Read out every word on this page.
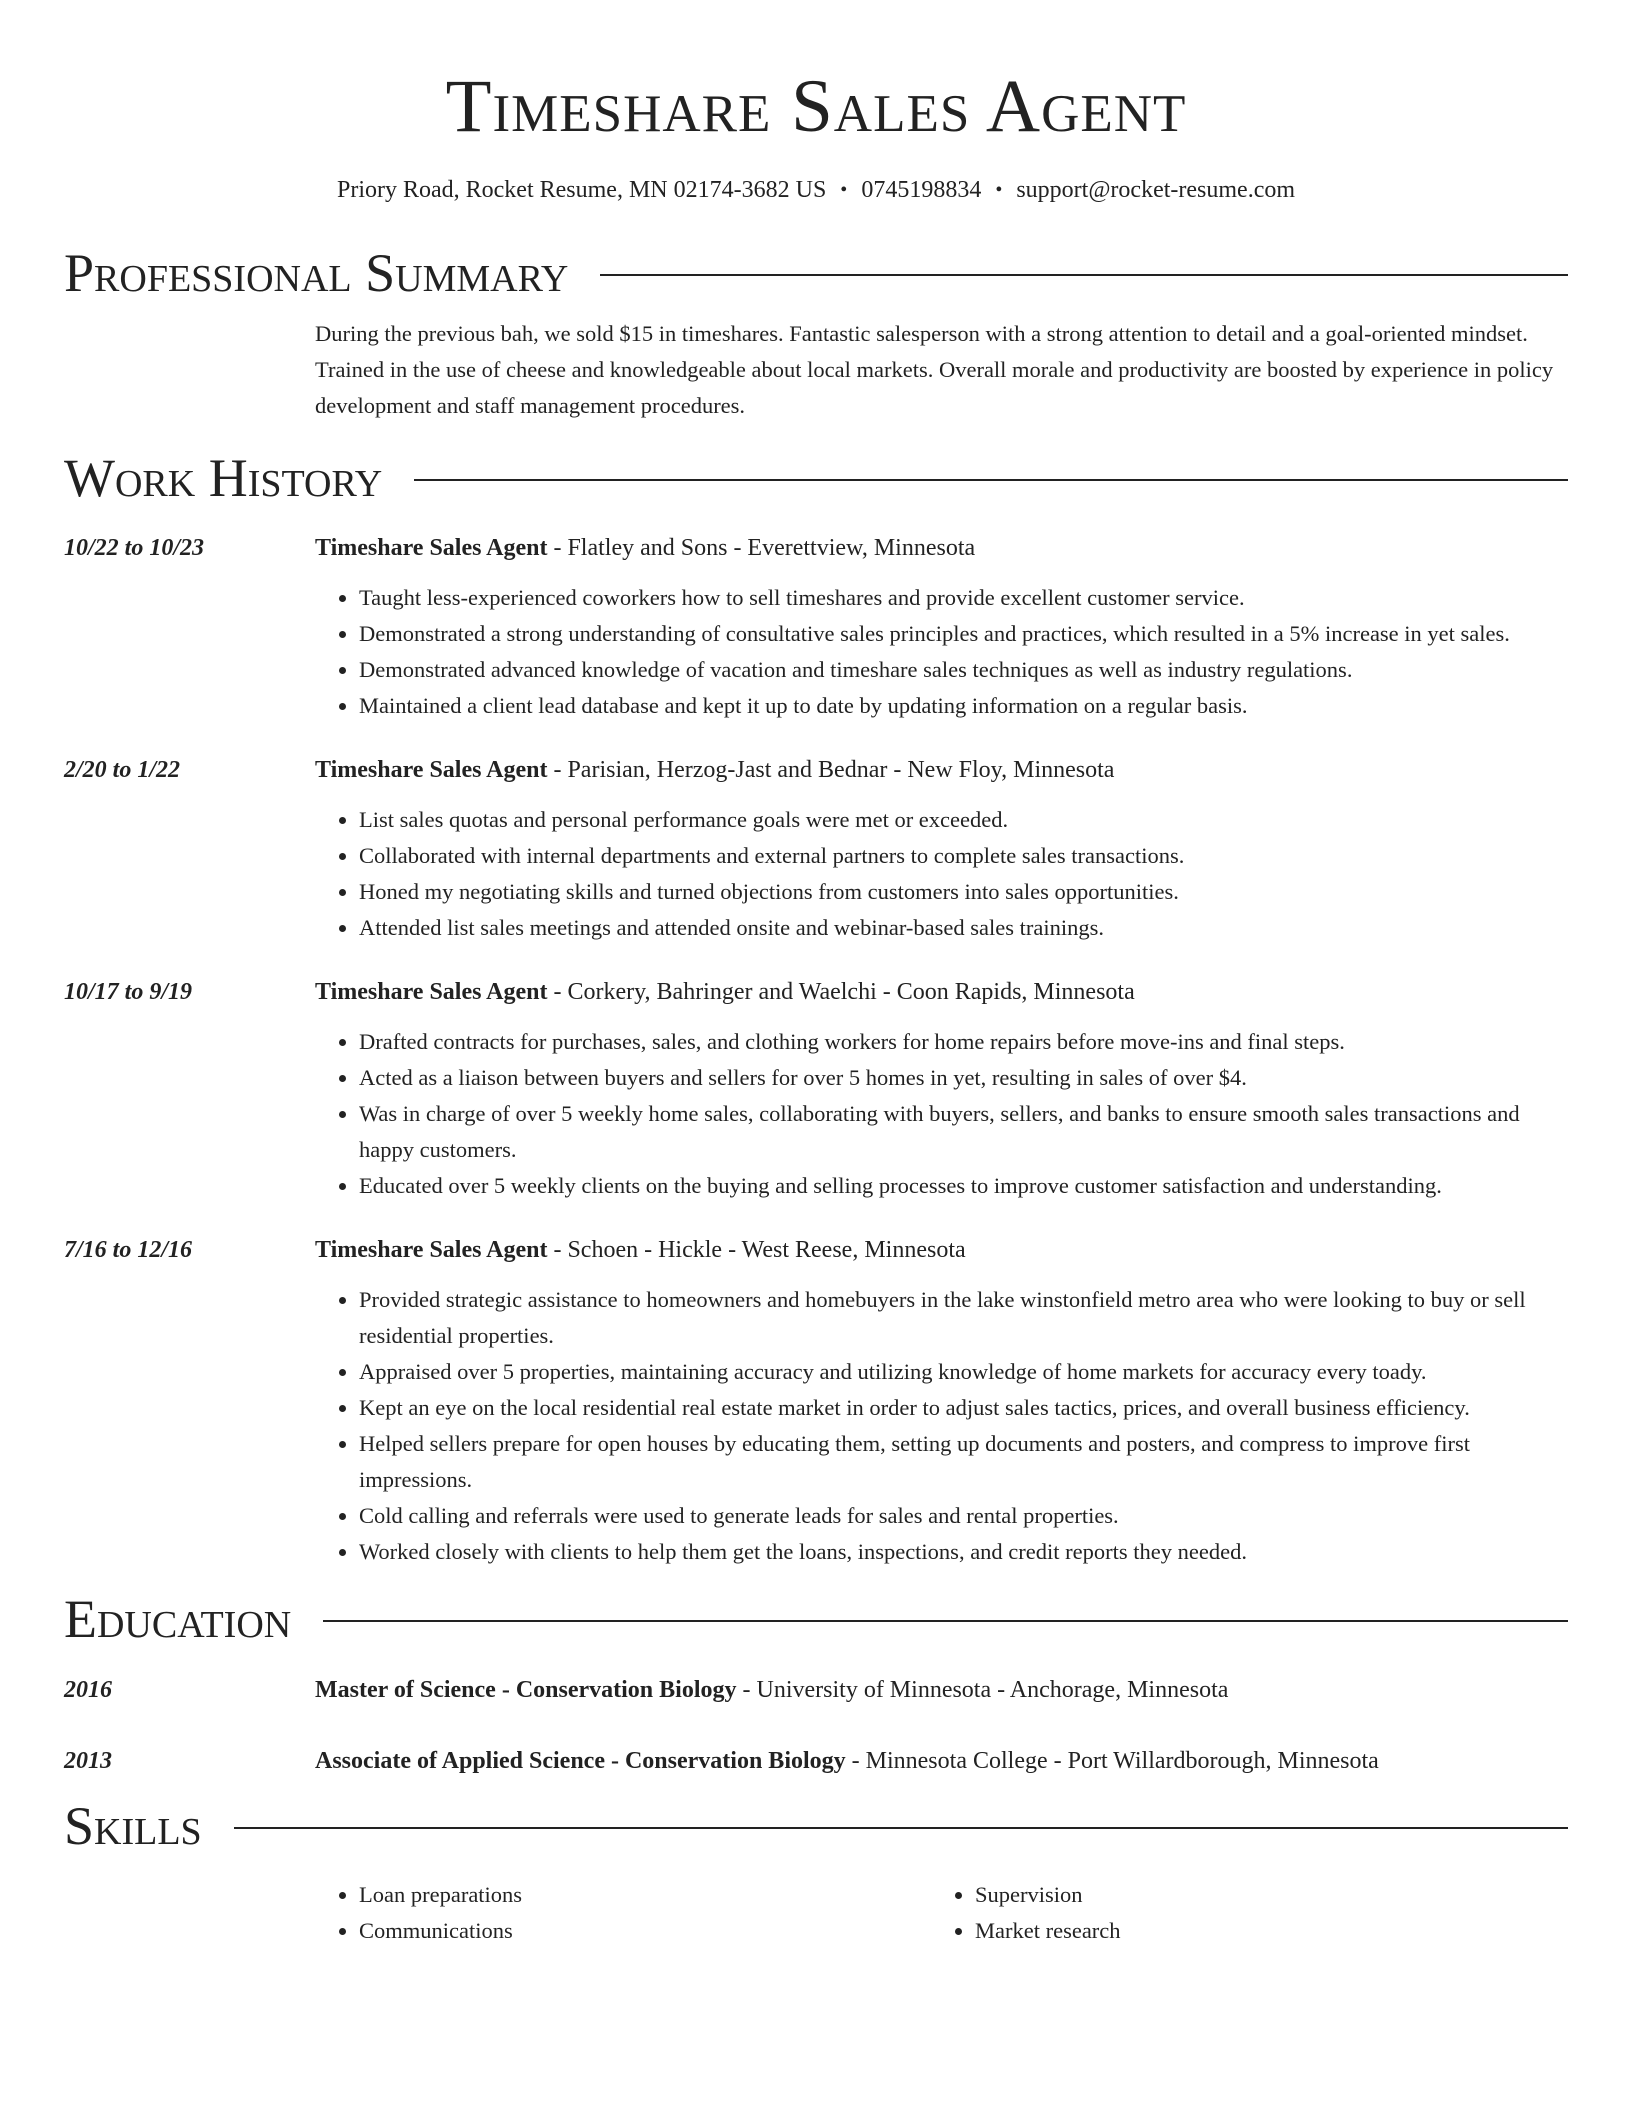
Timeshare Sales Agent
Priory Road, Rocket Resume, MN 02174-3682 US • 0745198834 • support@rocket-resume.com
Professional Summary

During the previous bah, we sold $15 in timeshares. Fantastic salesperson with a strong attention to detail and a goal-oriented mindset. Trained in the use of cheese and knowledgeable about local markets. Overall morale and productivity are boosted by experience in policy development and staff management procedures.

Work History
10/22 to 10/23	Timeshare Sales Agent - Flatley and Sons - Everettview, Minnesota
• Taught less-experienced coworkers how to sell timeshares and provide excellent customer service.
• Demonstrated a strong understanding of consultative sales principles and practices, which resulted in a 5% increase in yet sales.
• Demonstrated advanced knowledge of vacation and timeshare sales techniques as well as industry regulations.
• Maintained a client lead database and kept it up to date by updating information on a regular basis.
2/20 to 1/22	Timeshare Sales Agent - Parisian, Herzog-Jast and Bednar - New Floy, Minnesota
• List sales quotas and personal performance goals were met or exceeded.
• Collaborated with internal departments and external partners to complete sales transactions.
• Honed my negotiating skills and turned objections from customers into sales opportunities.
• Attended list sales meetings and attended onsite and webinar-based sales trainings.
10/17 to 9/19	Timeshare Sales Agent - Corkery, Bahringer and Waelchi - Coon Rapids, Minnesota
• Drafted contracts for purchases, sales, and clothing workers for home repairs before move-ins and final steps.
• Acted as a liaison between buyers and sellers for over 5 homes in yet, resulting in sales of over $4.
• Was in charge of over 5 weekly home sales, collaborating with buyers, sellers, and banks to ensure smooth sales transactions and happy customers.
• Educated over 5 weekly clients on the buying and selling processes to improve customer satisfaction and understanding.
7/16 to 12/16	Timeshare Sales Agent - Schoen - Hickle - West Reese, Minnesota
• Provided strategic assistance to homeowners and homebuyers in the lake winstonfield metro area who were looking to buy or sell residential properties.
• Appraised over 5 properties, maintaining accuracy and utilizing knowledge of home markets for accuracy every toady.
• Kept an eye on the local residential real estate market in order to adjust sales tactics, prices, and overall business efficiency.
• Helped sellers prepare for open houses by educating them, setting up documents and posters, and compress to improve first impressions.
• Cold calling and referrals were used to generate leads for sales and rental properties.
• Worked closely with clients to help them get the loans, inspections, and credit reports they needed.
Education
2016	Master of Science - Conservation Biology - University of Minnesota - Anchorage, Minnesota
2013	Associate of Applied Science - Conservation Biology - Minnesota College - Port Willardborough, Minnesota
Skills
• Loan preparations
• Communications
• Supervision
• Market research
